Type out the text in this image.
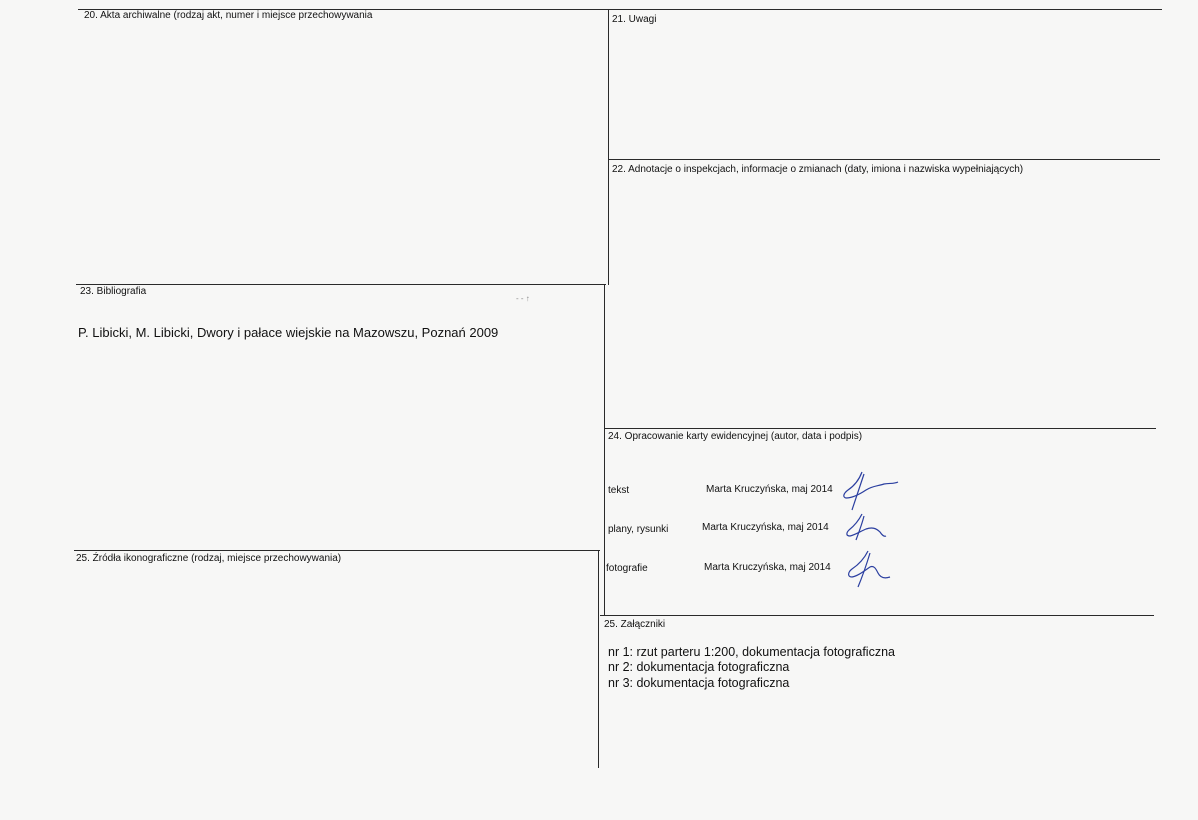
20. Akta archiwalne (rodzaj akt, numer i miejsce przechowywania	21. Uwagi
22. Adnotacje o inspekcjach, informacje o zmianach (daty, imiona i nazwiska wypełniających)
23. Bibliografia
‐ ‐ ↑
P. Libicki, M. Libicki, Dwory i pałace wiejskie na Mazowszu, Poznań 2009
24. Opracowanie karty ewidencyjnej (autor, data i podpis)
tekst	Marta Kruczyńska, maj 2014
plany, rysunki	Marta Kruczyńska, maj 2014
fotografie	Marta Kruczyńska, maj 2014
25. Źródła ikonograficzne (rodzaj, miejsce przechowywania)
25. Załączniki
nr 1: rzut parteru 1:200, dokumentacja fotograficzna
nr 2: dokumentacja fotograficzna
nr 3: dokumentacja fotograficzna
